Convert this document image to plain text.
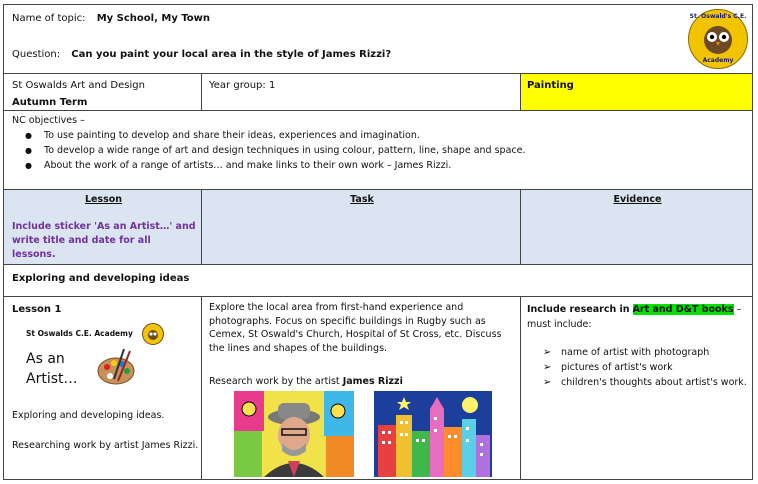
Name of topic: My School, My Town
Question: Can you paint your local area in the style of James Rizzi?
St. Oswald's C.E.
Academy
St Oswalds Art and Design
Autumn Term
Year group: 1	Painting
NC objectives –
● To use painting to develop and share their ideas, experiences and imagination.
● To develop a wide range of art and design techniques in using colour, pattern, line, shape and space.
● About the work of a range of artists… and make links to their own work – James Rizzi.
Lesson
Include sticker 'As an Artist…' and write title and date for all lessons.
Task	Evidence
Exploring and developing ideas
Lesson 1
St Oswalds C.E. Academy
As an
Artist…
Exploring and developing ideas.
Researching work by artist James Rizzi.
Explore the local area from first-hand experience and photographs. Focus on specific buildings in Rugby such as Cemex, St Oswald's Church, Hospital of St Cross, etc. Discuss the lines and shapes of the buildings.
Research work by the artist James Rizzi
Include research in Art and D&T books – must include:
➢ name of artist with photograph
➢ pictures of artist's work
➢ children's thoughts about artist's work.
